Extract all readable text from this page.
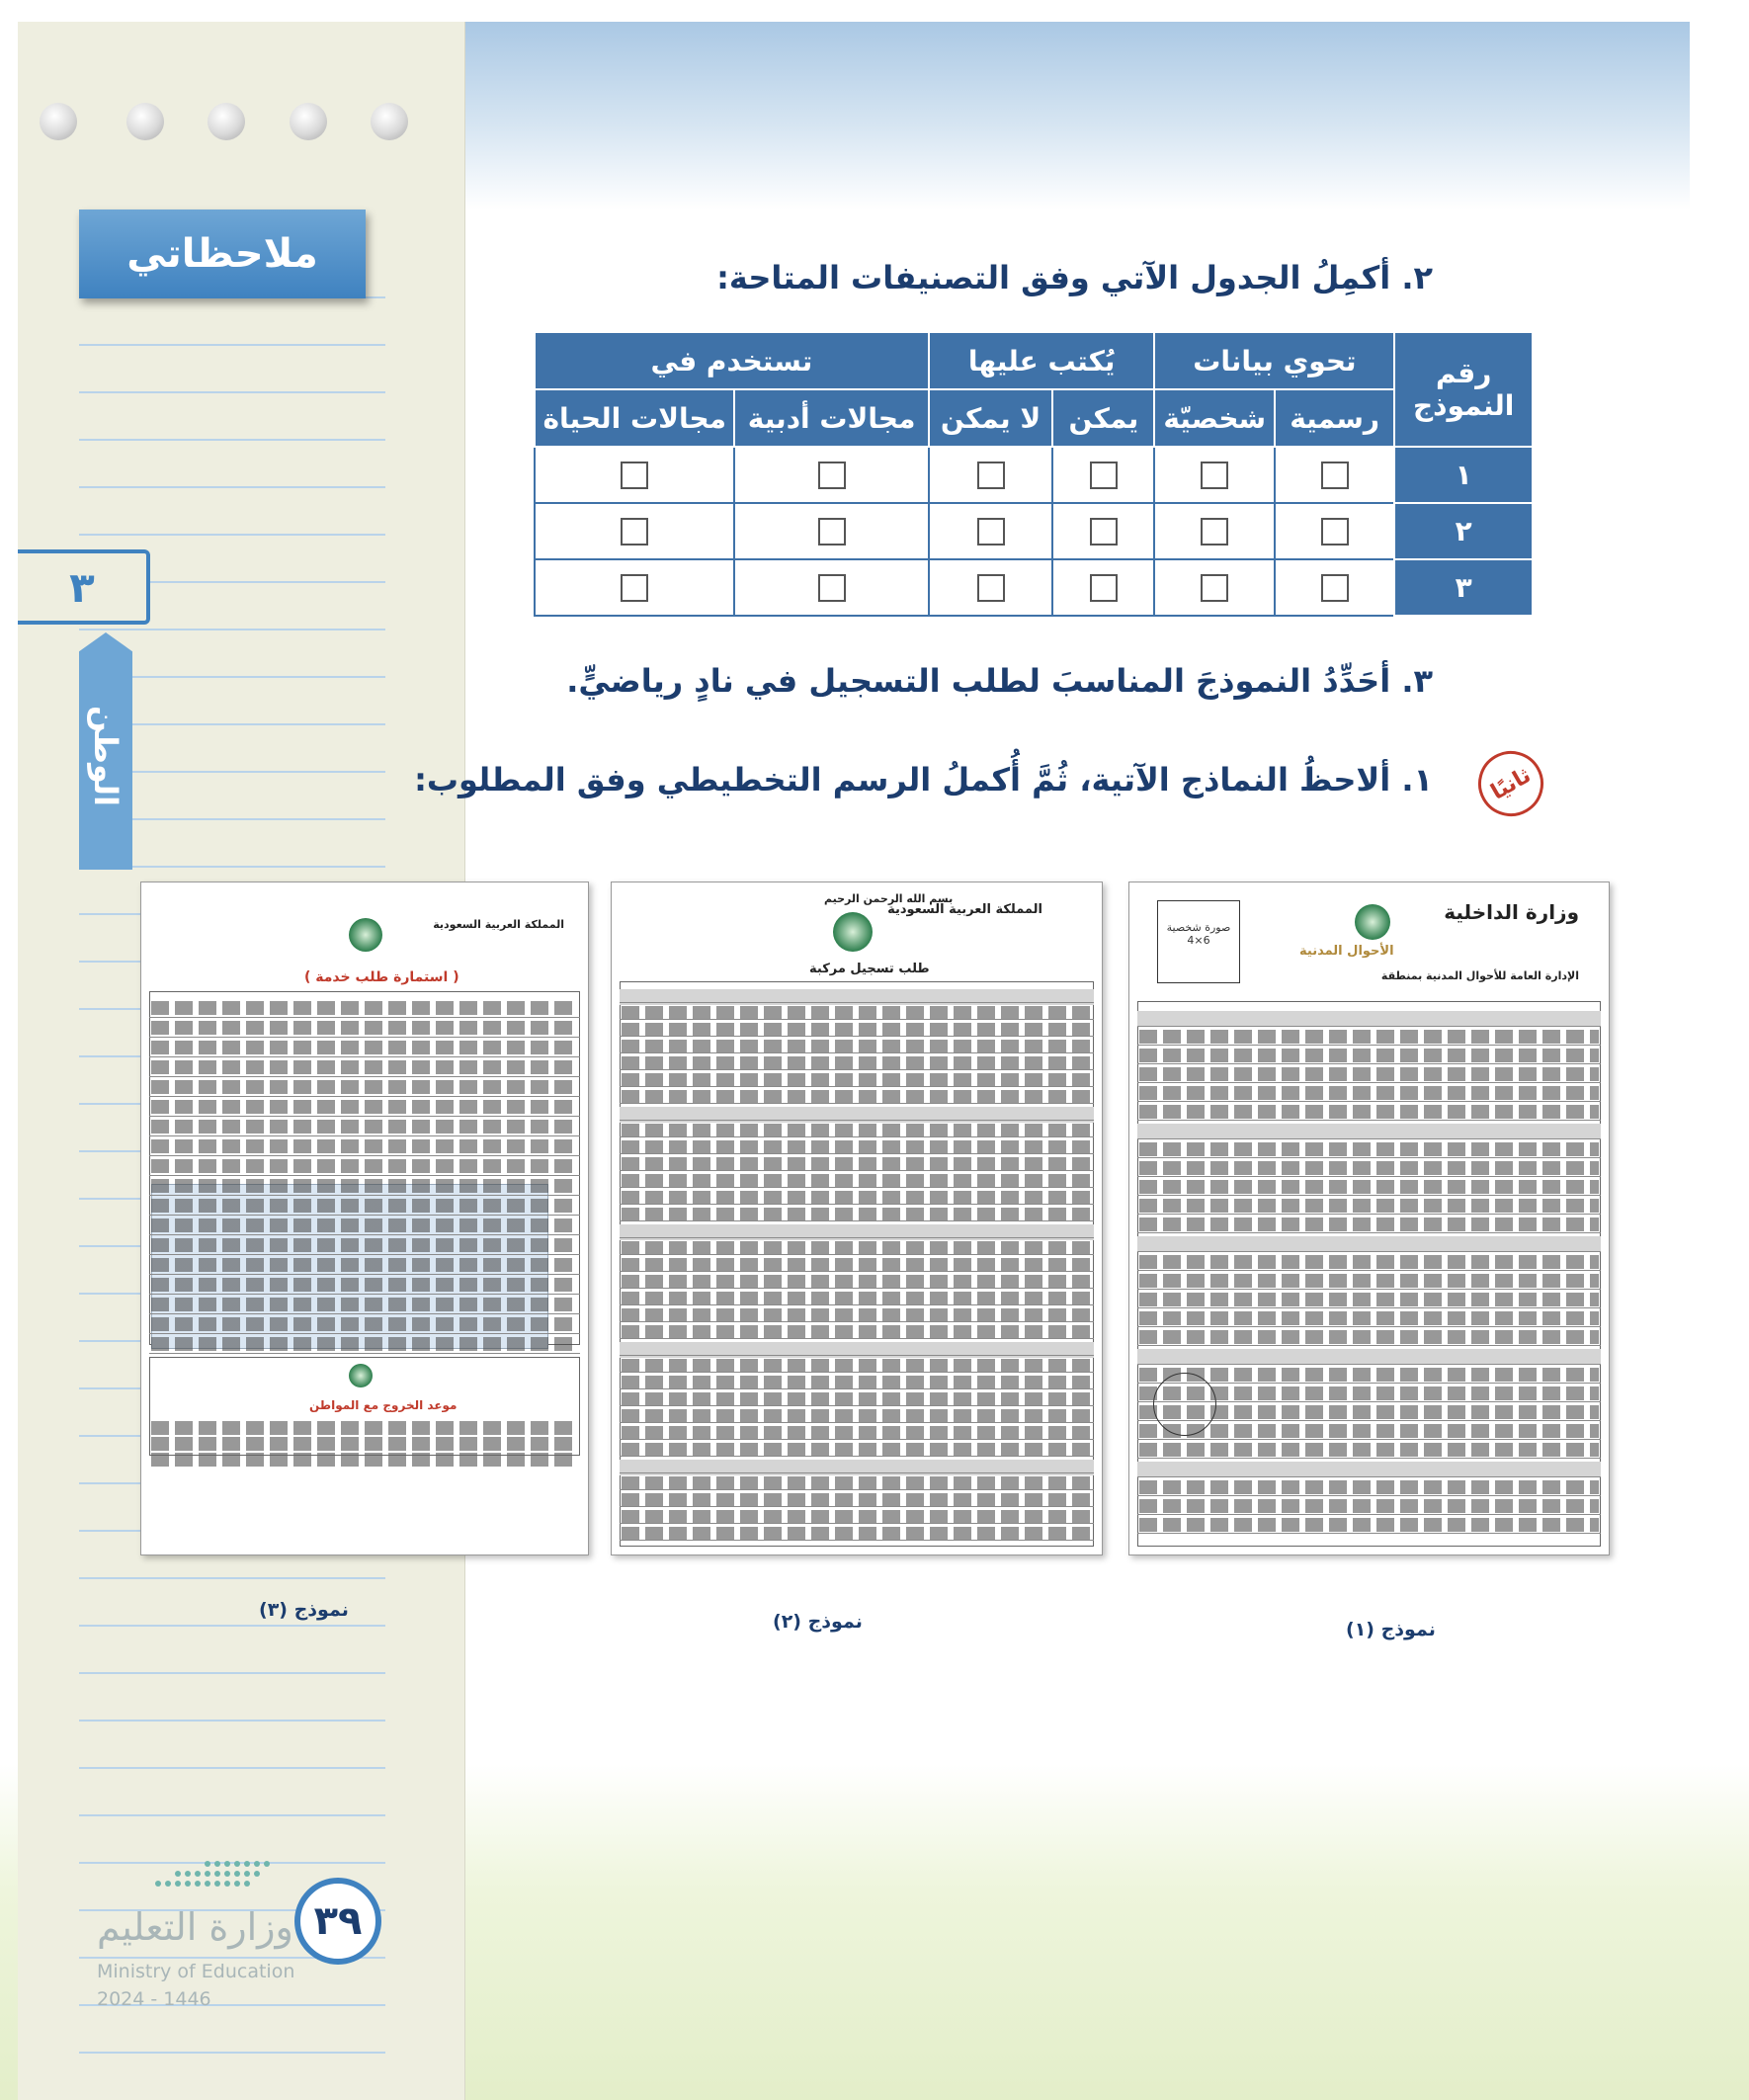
ملاحظاتي
٣
الوطن
وزارة التعليم
Ministry of Education
2024 - 1446
٣٩
٢. أكمِلُ الجدول الآتي وفق التصنيفات المتاحة:
رقم النموذج	تحوي بيانات		يُكتب عليها		تستخدم في	
	رسمية	شخصيّة	يمكن	لا يمكن	مجالات أدبية	مجالات الحياة
١						
٢						
٣						
٣. أحَدِّدُ النموذجَ المناسبَ لطلب التسجيل في نادٍ رياضيٍّ.
ثانيًا
١. ألاحظُ النماذج الآتية، ثُمَّ أُكملُ الرسم التخطيطي وفق المطلوب:
وزارة الداخلية
الأحوال المدنية
صورة شخصية 6×4
الإدارة العامة للأحوال المدنية بمنطقة
نموذج (١)
بسم الله الرحمن الرحيم
المملكة العربية السعودية
طلب تسجيل مركبة
نموذج (٢)
المملكة العربية السعودية
( استمارة طلب خدمة )
موعد الخروج مع المواطن
نموذج (٣)
